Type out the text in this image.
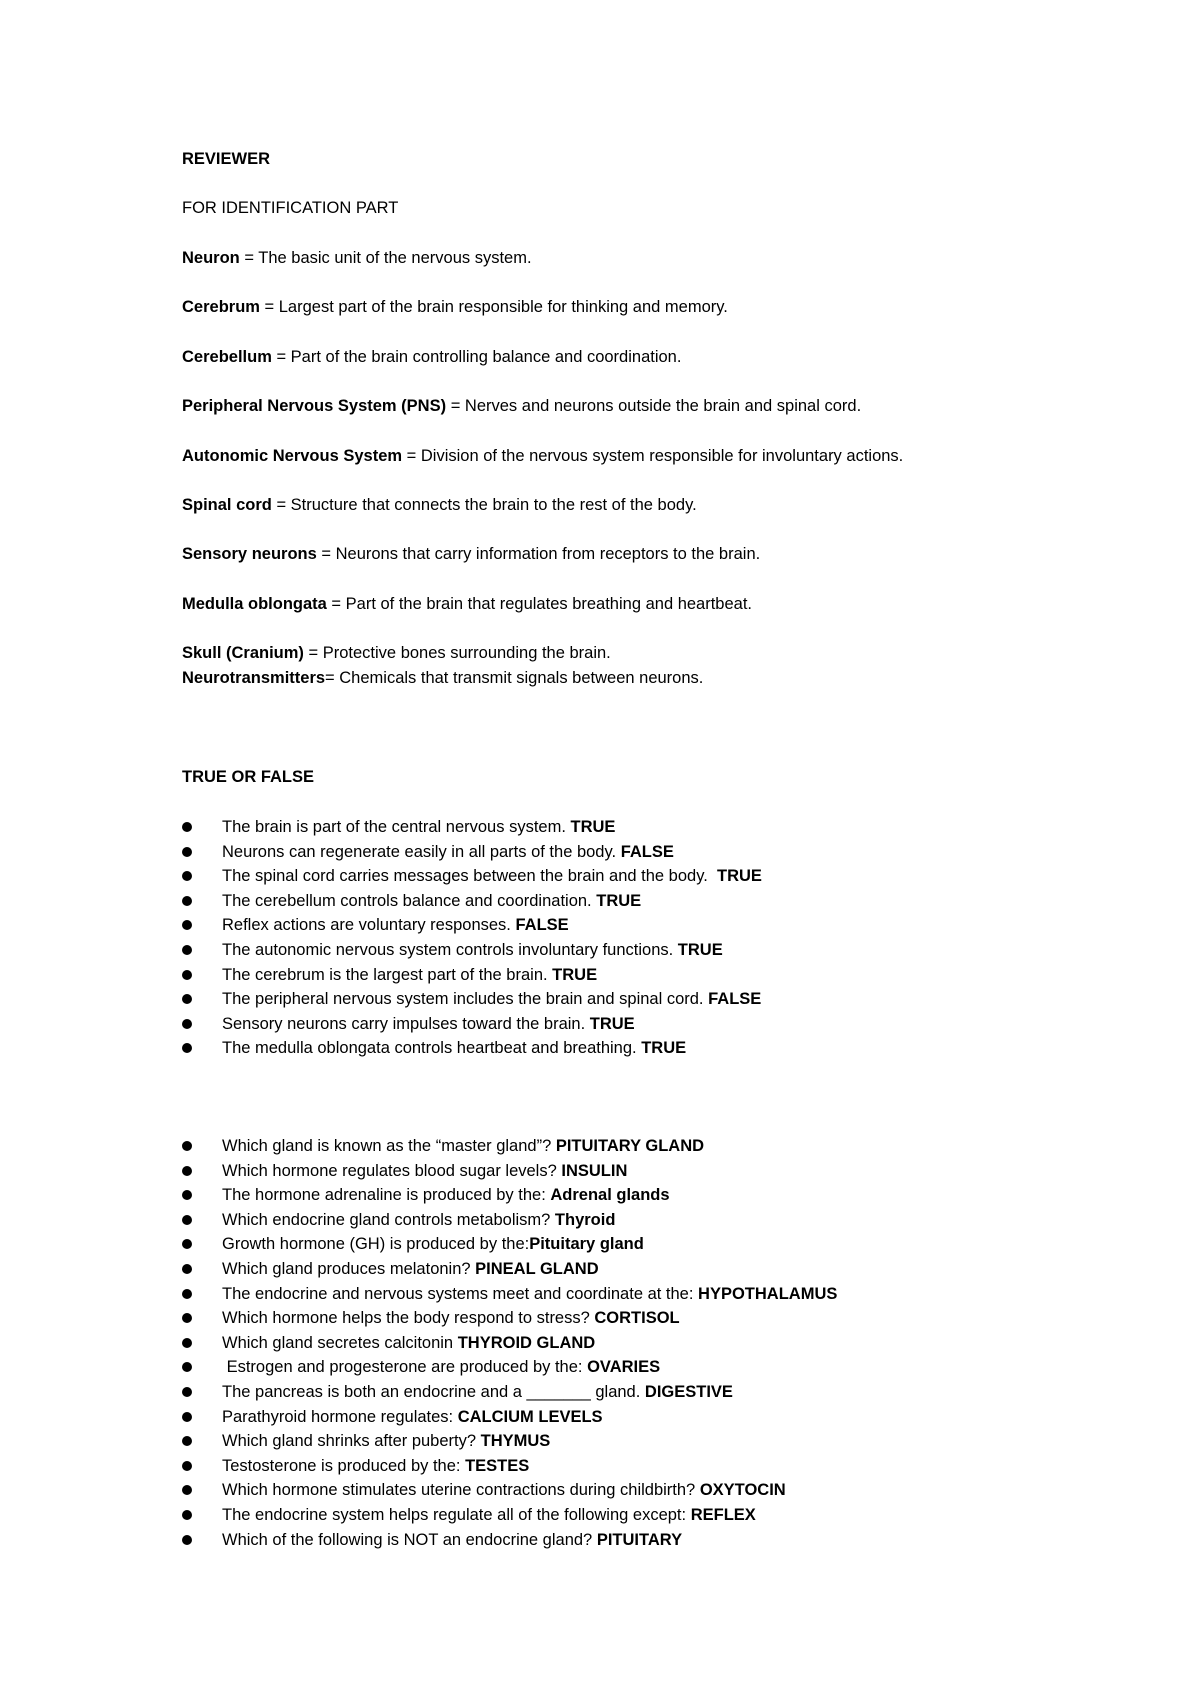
REVIEWER
FOR IDENTIFICATION PART
Neuron = The basic unit of the nervous system.
Cerebrum = Largest part of the brain responsible for thinking and memory.
Cerebellum = Part of the brain controlling balance and coordination.
Peripheral Nervous System (PNS) = Nerves and neurons outside the brain and spinal cord.
Autonomic Nervous System = Division of the nervous system responsible for involuntary actions.
Spinal cord = Structure that connects the brain to the rest of the body.
Sensory neurons = Neurons that carry information from receptors to the brain.
Medulla oblongata = Part of the brain that regulates breathing and heartbeat.
Skull (Cranium) = Protective bones surrounding the brain.
Neurotransmitters= Chemicals that transmit signals between neurons.
TRUE OR FALSE
The brain is part of the central nervous system. TRUE
Neurons can regenerate easily in all parts of the body. FALSE
The spinal cord carries messages between the brain and the body.  TRUE
The cerebellum controls balance and coordination. TRUE
Reflex actions are voluntary responses. FALSE
The autonomic nervous system controls involuntary functions. TRUE
The cerebrum is the largest part of the brain. TRUE
The peripheral nervous system includes the brain and spinal cord. FALSE
Sensory neurons carry impulses toward the brain. TRUE
The medulla oblongata controls heartbeat and breathing. TRUE
Which gland is known as the “master gland”? PITUITARY GLAND
Which hormone regulates blood sugar levels? INSULIN
The hormone adrenaline is produced by the: Adrenal glands
Which endocrine gland controls metabolism? Thyroid
Growth hormone (GH) is produced by the:Pituitary gland
Which gland produces melatonin? PINEAL GLAND
The endocrine and nervous systems meet and coordinate at the: HYPOTHALAMUS
Which hormone helps the body respond to stress? CORTISOL
Which gland secretes calcitonin THYROID GLAND
Estrogen and progesterone are produced by the: OVARIES
The pancreas is both an endocrine and a _______ gland. DIGESTIVE
Parathyroid hormone regulates: CALCIUM LEVELS
Which gland shrinks after puberty? THYMUS
Testosterone is produced by the: TESTES
Which hormone stimulates uterine contractions during childbirth? OXYTOCIN
The endocrine system helps regulate all of the following except: REFLEX
Which of the following is NOT an endocrine gland? PITUITARY
